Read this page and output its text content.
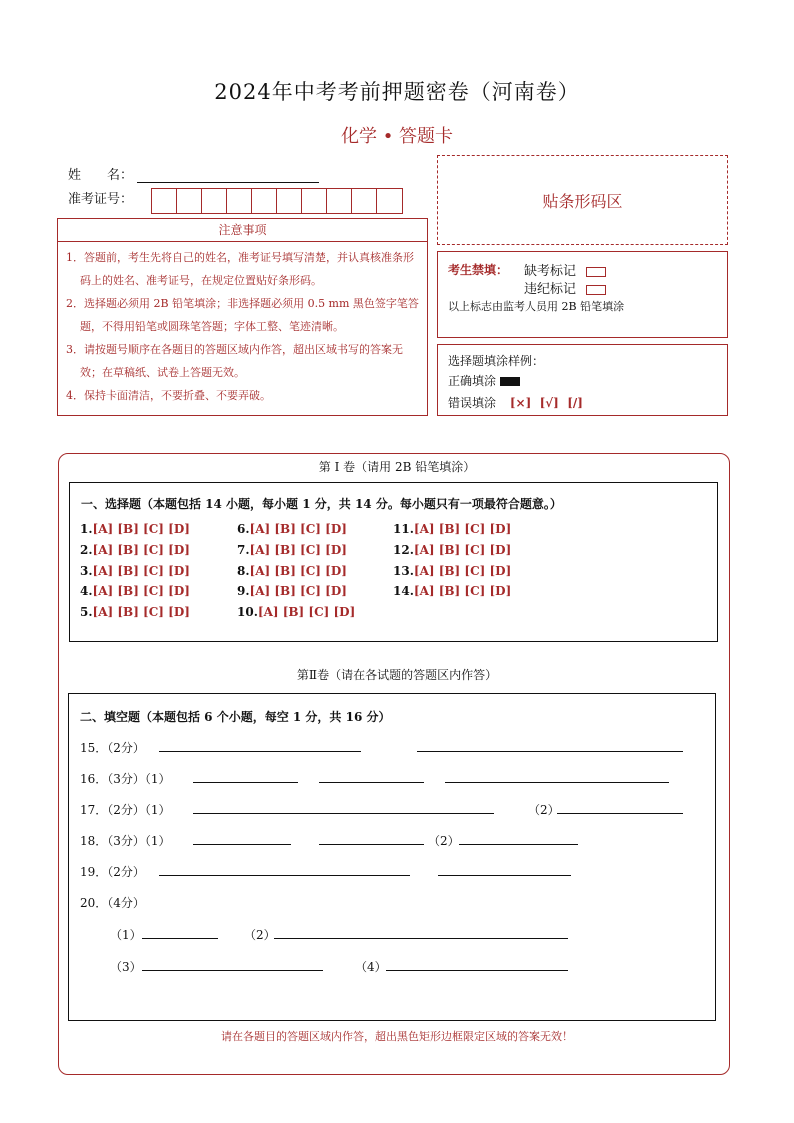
2024年中考考前押题密卷（河南卷）
化学 • 答题卡
姓　　名：
准考证号：
注意事项
1．答题前，考生先将自己的姓名，准考证号填写清楚，并认真核准条形码上的姓名、准考证号，在规定位置贴好条形码。
2．选择题必须用 2B 铅笔填涂；非选择题必须用 0.5 mm 黑色签字笔答题，不得用铅笔或圆珠笔答题；字体工整、笔迹清晰。
3．请按题号顺序在各题目的答题区域内作答，超出区域书写的答案无效；在草稿纸、试卷上答题无效。
4．保持卡面清洁，不要折叠、不要弄破。
贴条形码区
考生禁填： 缺考标记
违纪标记
以上标志由监考人员用 2B 铅笔填涂
选择题填涂样例：
正确填涂
错误填涂 [×]  [√]  [/]
第 I 卷（请用 2B 铅笔填涂）
一、选择题（本题包括 14 小题，每小题 1 分，共 14 分。每小题只有一项最符合题意。）
1.[A] [B] [C] [D]
2.[A] [B] [C] [D]
3.[A] [B] [C] [D]
4.[A] [B] [C] [D]
5.[A] [B] [C] [D]
6.[A] [B] [C] [D]
7.[A] [B] [C] [D]
8.[A] [B] [C] [D]
9.[A] [B] [C] [D]
10.[A] [B] [C] [D]
11.[A] [B] [C] [D]
12.[A] [B] [C] [D]
13.[A] [B] [C] [D]
14.[A] [B] [C] [D]
第Ⅱ卷（请在各试题的答题区内作答）
二、填空题（本题包括 6 个小题，每空 1 分，共 16 分）
15．（2分）
16．（3分）（1）
17．（2分）（1）	（2）
18．（3分）（1）	（2）
19．（2分）
20．（4分）
（1）	（2）
（3）	（4）
请在各题目的答题区域内作答，超出黑色矩形边框限定区域的答案无效！
